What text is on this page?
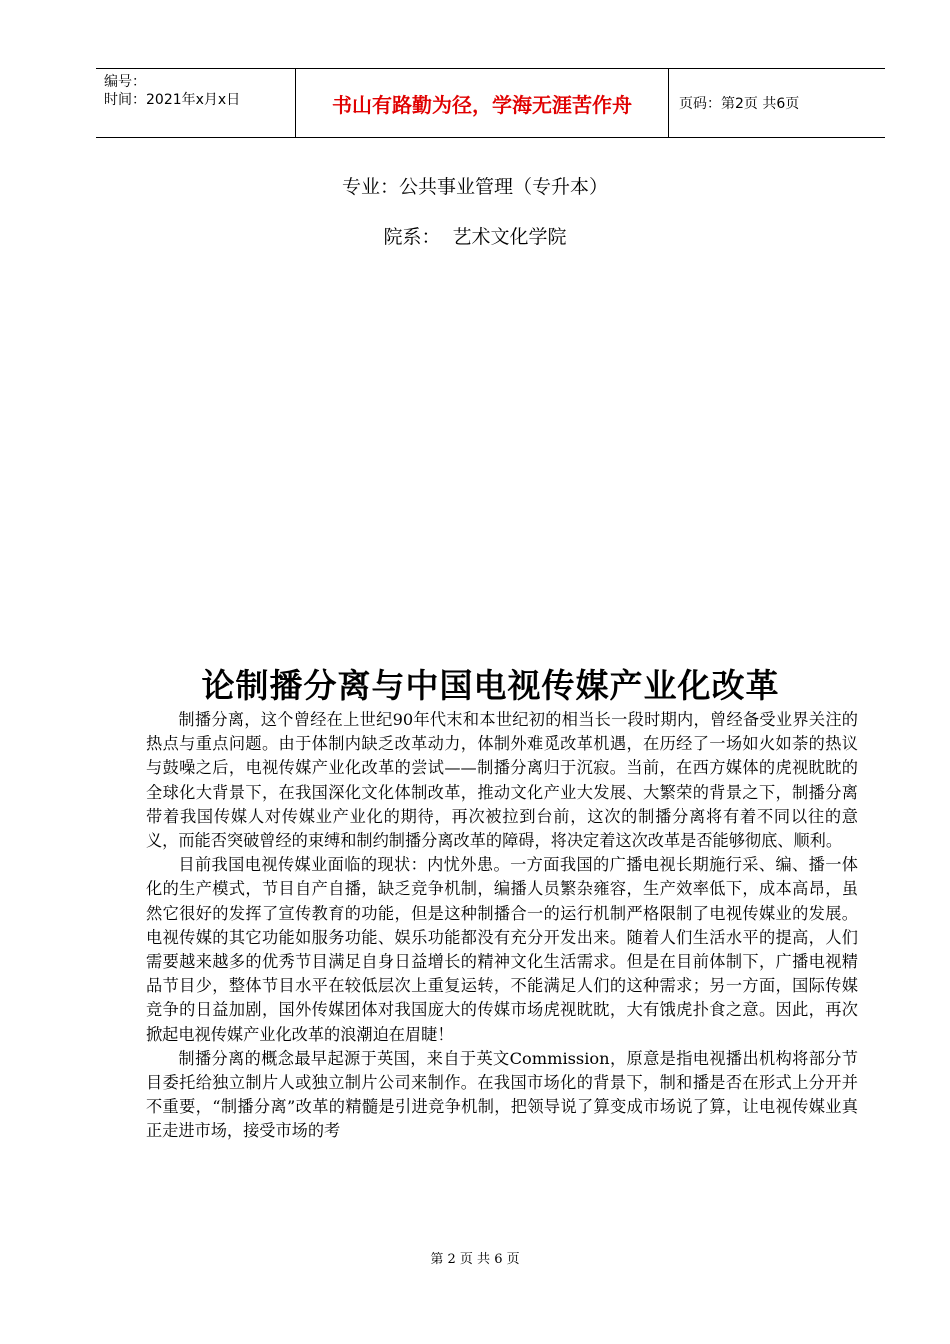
编号：
时间：2021年x月x日	书山有路勤为径，学海无涯苦作舟	页码：第2页 共6页
专业：公共事业管理（专升本）
院系：  艺术文化学院
论制播分离与中国电视传媒产业化改革

制播分离，这个曾经在上世纪90年代末和本世纪初的相当长一段时期内，曾经备受业界关注的热点与重点问题。由于体制内缺乏改革动力，体制外难觅改革机遇，在历经了一场如火如荼的热议与鼓噪之后，电视传媒产业化改革的尝试——制播分离归于沉寂。当前，在西方媒体的虎视眈眈的全球化大背景下，在我国深化文化体制改革，推动文化产业大发展、大繁荣的背景之下，制播分离带着我国传媒人对传媒业产业化的期待，再次被拉到台前，这次的制播分离将有着不同以往的意义，而能否突破曾经的束缚和制约制播分离改革的障碍，将决定着这次改革是否能够彻底、顺利。

目前我国电视传媒业面临的现状：内忧外患。一方面我国的广播电视长期施行采、编、播一体化的生产模式，节目自产自播，缺乏竞争机制，编播人员繁杂雍容，生产效率低下，成本高昂，虽然它很好的发挥了宣传教育的功能，但是这种制播合一的运行机制严格限制了电视传媒业的发展。电视传媒的其它功能如服务功能、娱乐功能都没有充分开发出来。随着人们生活水平的提高，人们需要越来越多的优秀节目满足自身日益增长的精神文化生活需求。但是在目前体制下，广播电视精品节目少，整体节目水平在较低层次上重复运转，不能满足人们的这种需求；另一方面，国际传媒竞争的日益加剧，国外传媒团体对我国庞大的传媒市场虎视眈眈，大有饿虎扑食之意。因此，再次掀起电视传媒产业化改革的浪潮迫在眉睫！

制播分离的概念最早起源于英国，来自于英文Commission，原意是指电视播出机构将部分节目委托给独立制片人或独立制片公司来制作。在我国市场化的背景下，制和播是否在形式上分开并不重要，“制播分离”改革的精髓是引进竞争机制，把领导说了算变成市场说了算，让电视传媒业真正走进市场，接受市场的考

第 2 页 共 6 页
